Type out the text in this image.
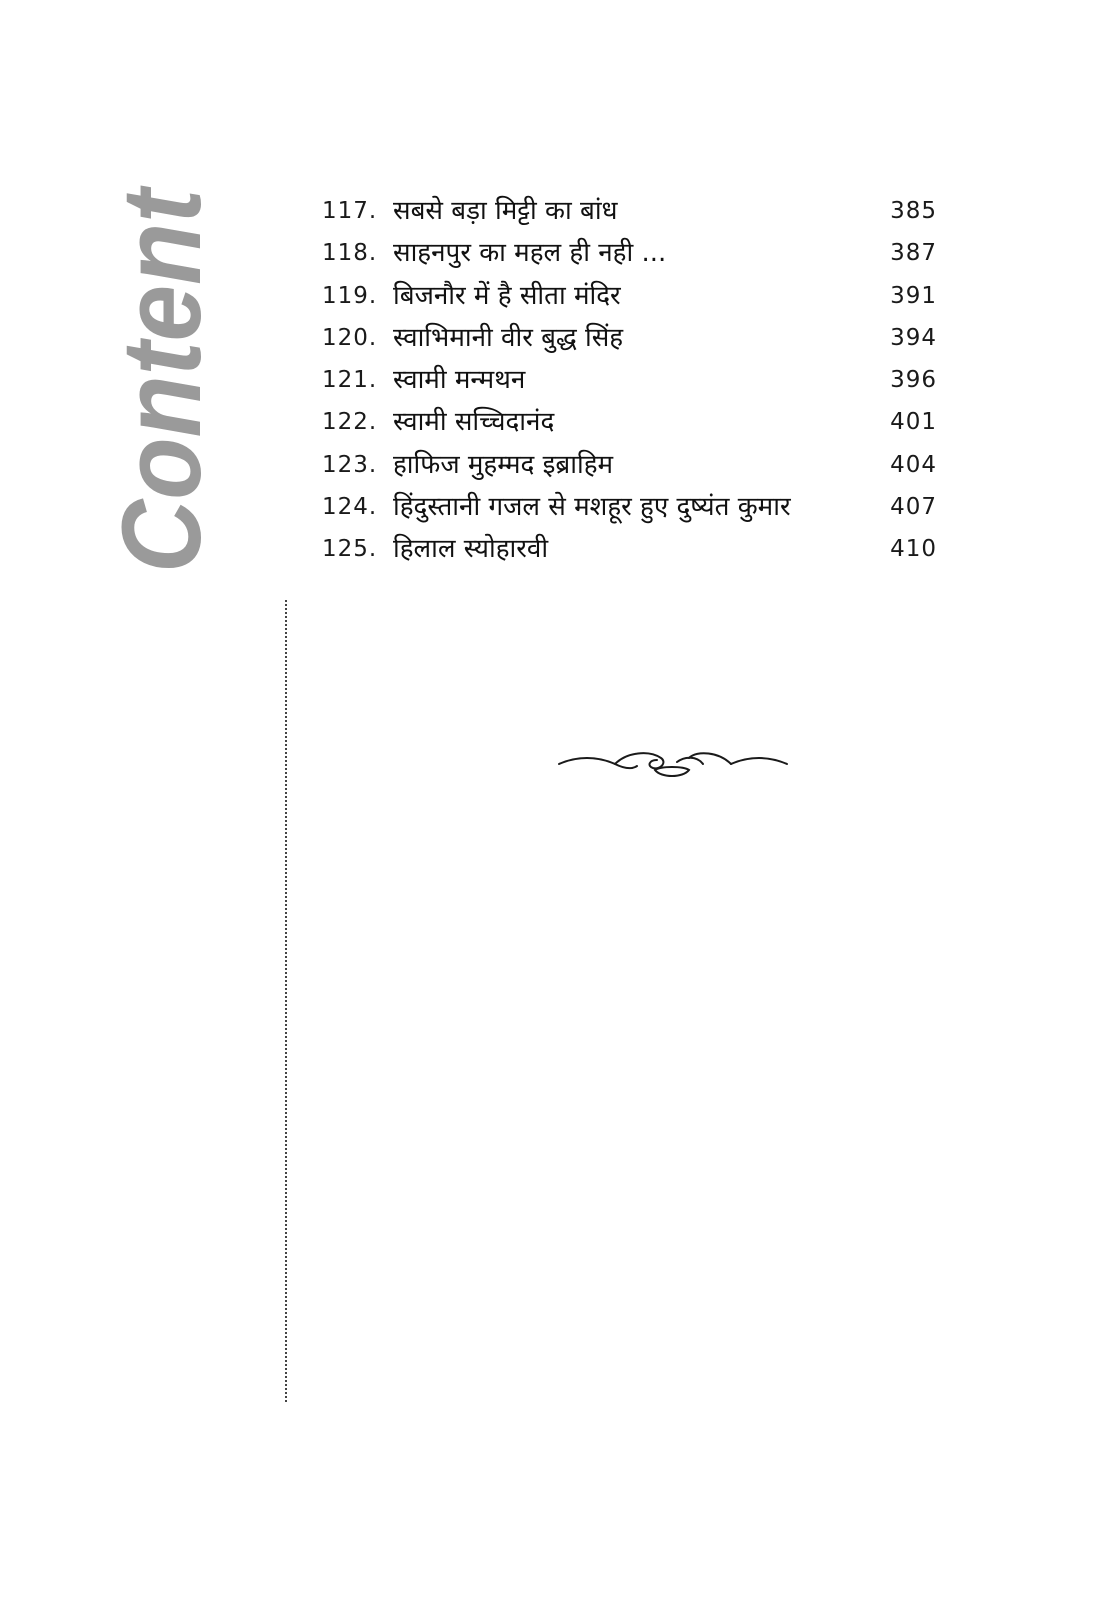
Content	117. सबसे बड़ा मिट्टी का बांध	385
118. साहनपुर का महल ही नही ...	387
119. बिजनौर में है सीता मंदिर	391
120. स्वाभिमानी वीर बुद्ध सिंह	394
121. स्वामी मन्मथन	396
122. स्वामी सच्चिदानंद	401
123. हाफिज मुहम्मद इब्राहिम	404
124. हिंदुस्तानी गजल से मशहूर हुए दुष्यंत कुमार	407
125. हिलाल स्योहारवी	410
